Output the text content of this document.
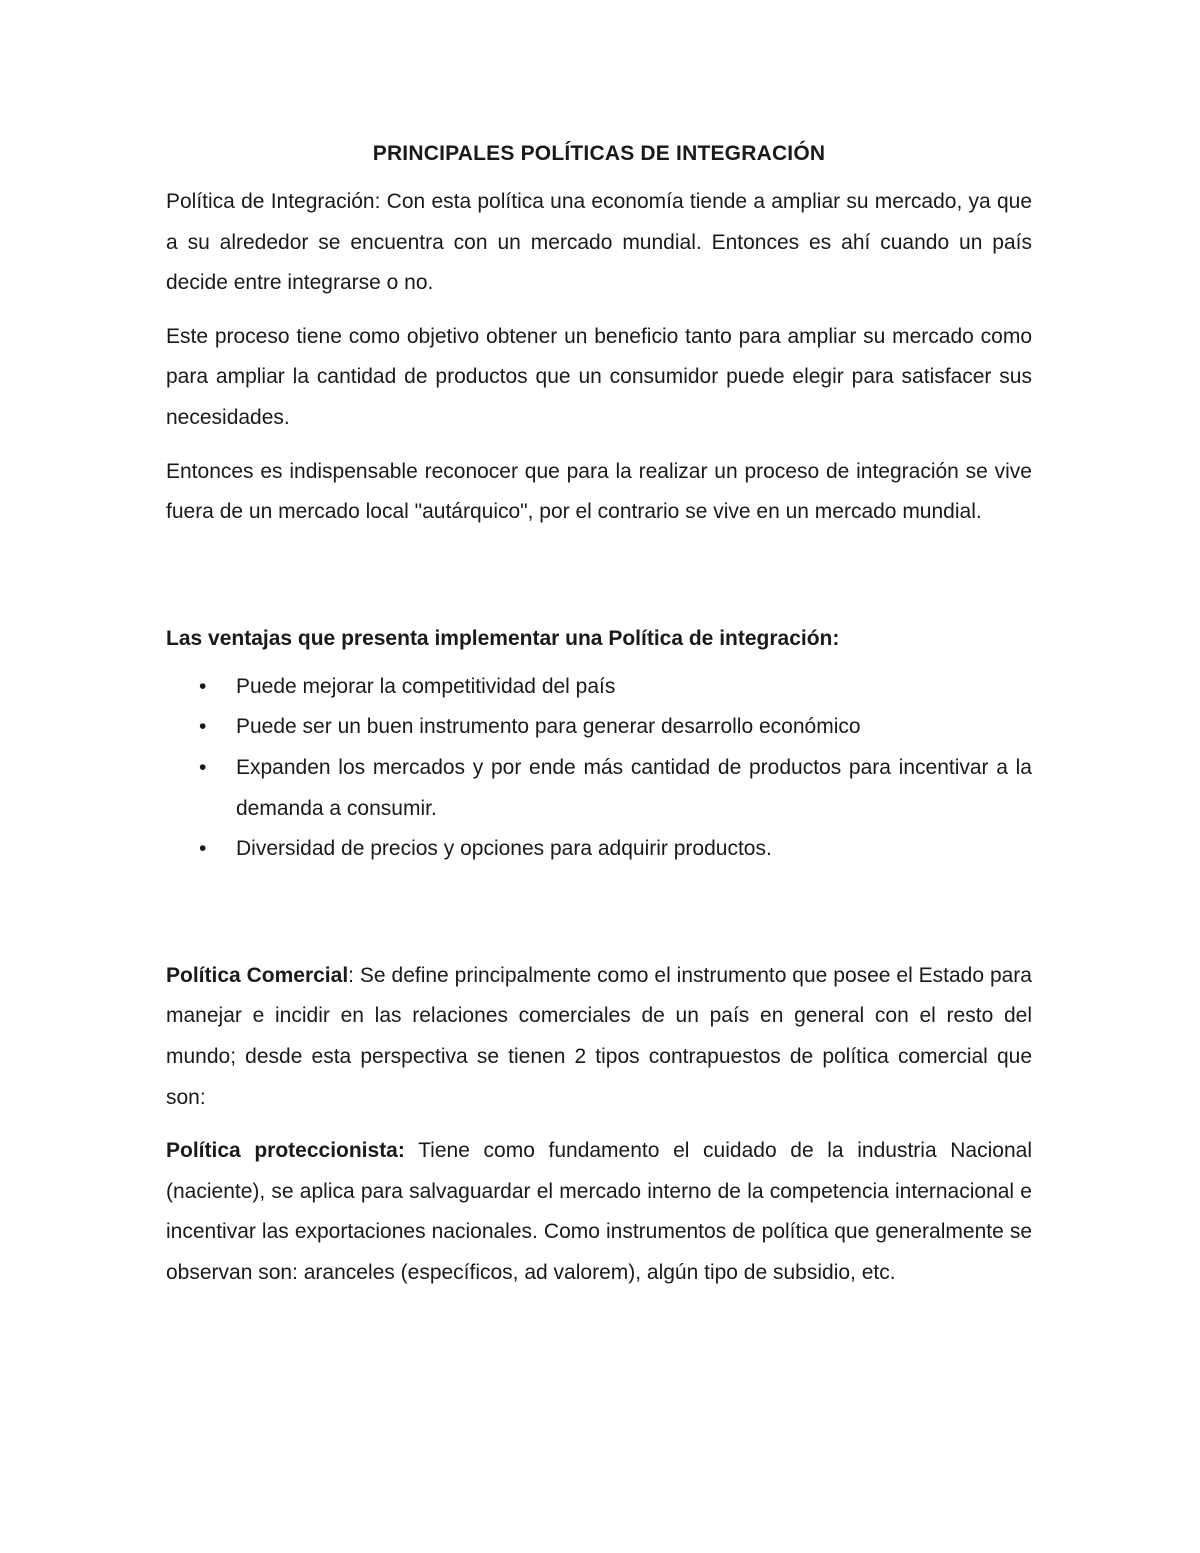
PRINCIPALES POLÍTICAS DE INTEGRACIÓN

Política de Integración: Con esta política una economía tiende a ampliar su mercado, ya que a su alrededor se encuentra con un mercado mundial. Entonces es ahí cuando un país decide entre integrarse o no.

Este proceso tiene como objetivo obtener un beneficio tanto para ampliar su mercado como para ampliar la cantidad de productos que un consumidor puede elegir para satisfacer sus necesidades.

Entonces es indispensable reconocer que para la realizar un proceso de integración se vive fuera de un mercado local "autárquico", por el contrario se vive en un mercado mundial.

Las ventajas que presenta implementar una Política de integración:
• Puede mejorar la competitividad del país
• Puede ser un buen instrumento para generar desarrollo económico
• Expanden los mercados y por ende más cantidad de productos para incentivar a la demanda a consumir.
• Diversidad de precios y opciones para adquirir productos.

Política Comercial: Se define principalmente como el instrumento que posee el Estado para manejar e incidir en las relaciones comerciales de un país en general con el resto del mundo; desde esta perspectiva se tienen 2 tipos contrapuestos de política comercial que son:

Política proteccionista: Tiene como fundamento el cuidado de la industria Nacional (naciente), se aplica para salvaguardar el mercado interno de la competencia internacional e incentivar las exportaciones nacionales. Como instrumentos de política que generalmente se observan son: aranceles (específicos, ad valorem), algún tipo de subsidio, etc.
